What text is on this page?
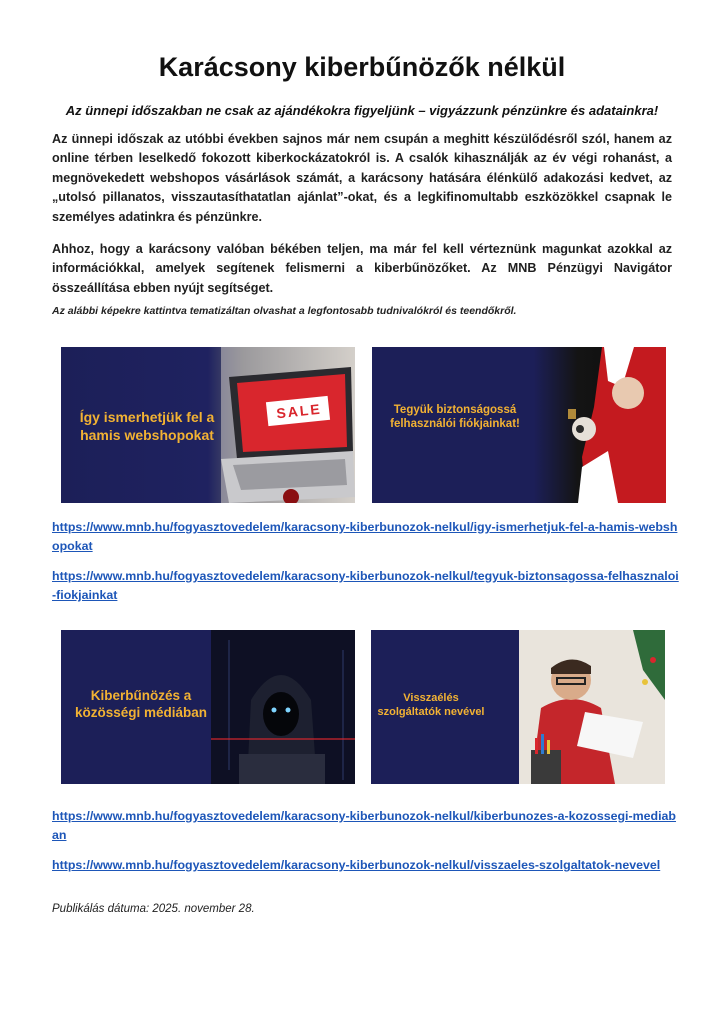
Karácsony kiberbűnözők nélkül

Az ünnepi időszakban ne csak az ajándékokra figyeljünk – vigyázzunk pénzünkre és adatainkra!

Az ünnepi időszak az utóbbi években sajnos már nem csupán a meghitt készülődésről szól, hanem az online térben leselkedő fokozott kiberkockázatokról is. A csalók kihasználják az év végi rohanást, a megnövekedett webshopos vásárlások számát, a karácsony hatására élénkülő adakozási kedvet, az „utolsó pillanatos, visszautasíthatatlan ajánlat”-okat, és a legkifinomultabb eszközökkel csapnak le személyes adatinkra és pénzünkre.

Ahhoz, hogy a karácsony valóban békében teljen, ma már fel kell vérteznünk magunkat azokkal az információkkal, amelyek segítenek felismerni a kiberbűnözőket. Az MNB Pénzügyi Navigátor összeállítása ebben nyújt segítséget.

Az alábbi képekre kattintva tematizáltan olvashat a legfontosabb tudnivalókról és teendőkről.

SALE
Így ismerhetjük fel a hamis webshopokat
Tegyük biztonságossá felhasználói fiókjainkat!
https://www.mnb.hu/fogyasztovedelem/karacsony-kiberbunozok-nelkul/igy-ismerhetjuk-fel-a-hamis-webshopokat
https://www.mnb.hu/fogyasztovedelem/karacsony-kiberbunozok-nelkul/tegyuk-biztonsagossa-felhasznaloi-fiokjainkat
Kiberbűnözés a közösségi médiában
Visszaélés szolgáltatók nevével
https://www.mnb.hu/fogyasztovedelem/karacsony-kiberbunozok-nelkul/kiberbunozes-a-kozossegi-mediaban
https://www.mnb.hu/fogyasztovedelem/karacsony-kiberbunozok-nelkul/visszaeles-szolgaltatok-nevevel

Publikálás dátuma: 2025. november 28.
